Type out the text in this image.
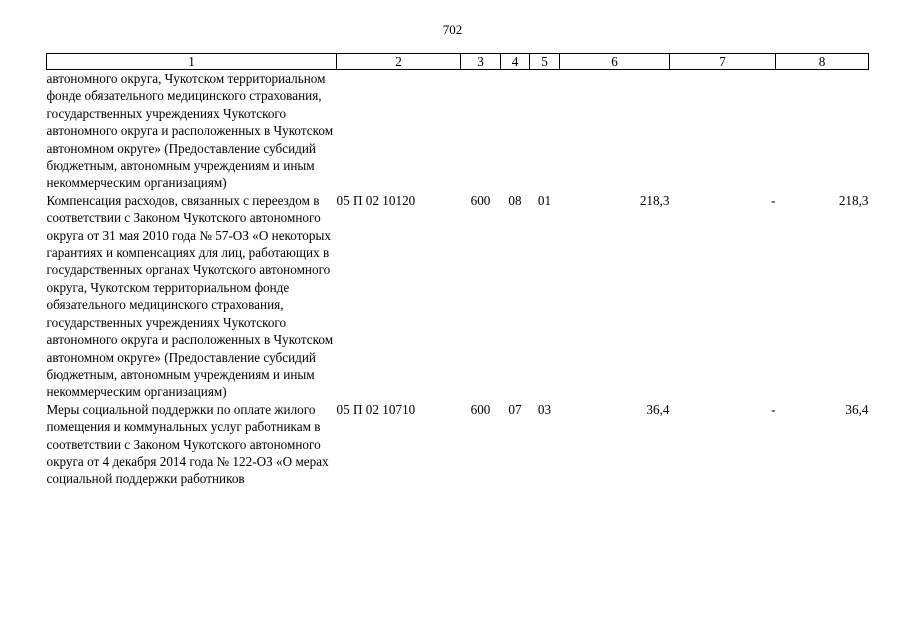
702
1	2	3	4	5	6	7	8
автономного округа, Чукотском территориальном фонде обязательного медицинского страхования, государственных учреждениях Чукотского автономного округа и расположенных в Чукотском автономном округе» (Предоставление субсидий бюджетным, автономным учреждениям и иным некоммерческим организациям)							
Компенсация расходов, связанных с переездом в соответствии с Законом Чукотского автономного округа от 31 мая 2010 года № 57-ОЗ «О некоторых гарантиях и компенсациях для лиц, работающих в государственных органах Чукотского автономного округа, Чукотском территориальном фонде обязательного медицинского страхования, государственных учреждениях Чукотского автономного округа и расположенных в Чукотском автономном округе» (Предоставление субсидий бюджетным, автономным учреждениям и иным некоммерческим организациям)	05 П 02 10120	600	08	01	218,3	-	218,3
Меры социальной поддержки по оплате жилого помещения и коммунальных услуг работникам в соответствии с Законом Чукотского автономного округа от 4 декабря 2014 года № 122-ОЗ «О мерах социальной поддержки работников	05 П 02 10710	600	07	03	36,4	-	36,4
